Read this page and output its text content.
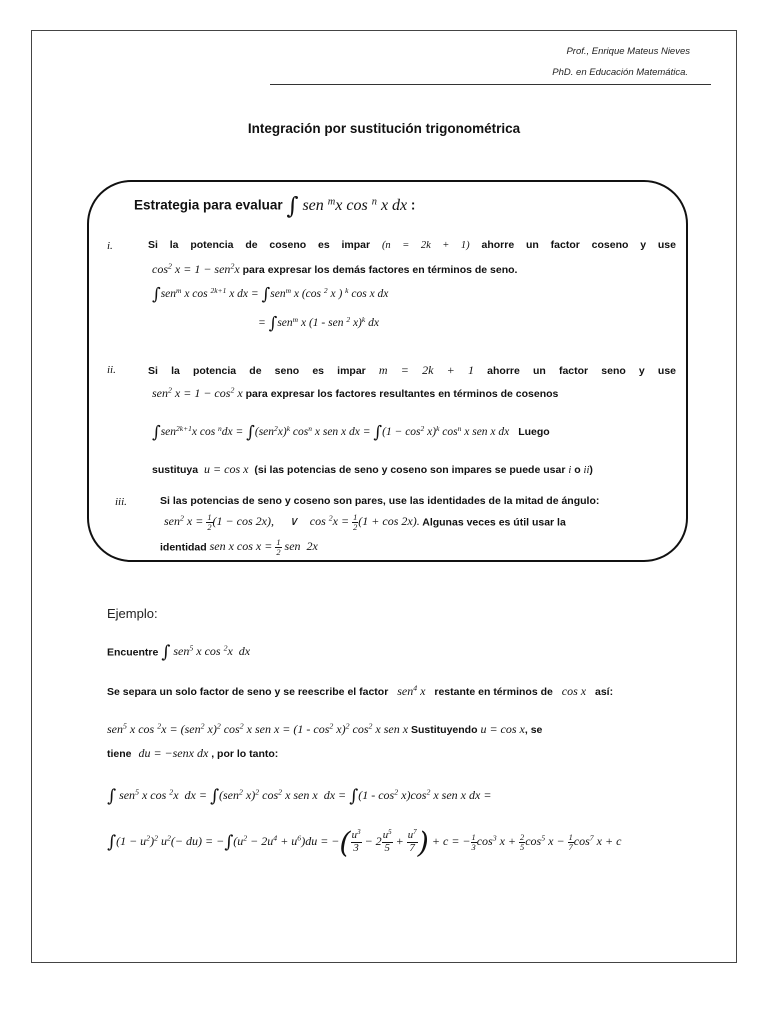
Prof., Enrique Mateus Nieves
PhD. en Educación Matemática.
Integración por sustitución trigonométrica
Estrategia para evaluar ∫ sen $^m$x cos $^n$ x dx :
i.	Si la potencia de coseno es impar (n = 2k + 1) ahorre un factor coseno y use
$\cos^2 x = 1 - sen^2x$ para expresar los demás factores en términos de seno.
∫sen$^m$ x cos $^{2k+1}$ x dx = ∫sen$^m$ x (cos $^2$ x ) $^k$ cos x dx
= ∫sen$^m$ x (1 - sen $^2$ x)$^k$ dx
ii.	Si la potencia de seno es impar m = 2k + 1 ahorre un factor seno y use
sen$^2$ $x = 1 - \cos^2 x$ para expresar los factores resultantes en términos de cosenos
∫sen$^{2k+1}$x $\cos ^ndx = \int(sen^2x)^k$ $\cos^n x$ sen x dx = $\int(1 - \cos^2 x)^k$ $\cos^n x$ sen x dx Luego
sustituya u = cos x (si las potencias de seno y coseno son impares se puede usar i o ii)
iii.	Si las potencias de seno y coseno son pares, use las identidades de la mitad de ángulo:
sen$^2$ $x = \frac{1}{2} (1 - \cos 2x)$,     ∨    $\cos ^2x = \frac{1}{2} (1 + \cos 2x)$. Algunas veces es útil usar la
identidad sen x $\cos x = \frac{1}{2}$ sen  2x
Ejemplo:
Encuentre ∫ sen$^5$ x cos $^2$x  dx
Se separa un solo factor de seno y se reescribe el factor sen$^4$ x restante en términos de cos x así:
sen$^5$ x cos $^2$x = (sen$^2$ x)$^2$ $\cos^2 x$ sen $x = (1 - \cos^2 x)^2$ $\cos^2 x$ sen x Sustituyendo u = cos x, se
tiene du = −senx dx , por lo tanto:
∫ sen$^5$ x cos $^2$x  dx = ∫(sen$^2$ x)$^2$ $\cos^2 x$ sen x  dx = $\int(1 - \cos^2 x)\cos^2$ x sen x dx =
$\int(1 - u^2)^2$ $u^2(- du) = -\int(u^2 - 2u^4 + u^6)du$ = −( $\frac{u^3}{3} - 2 \frac{u^5}{5} + \frac{u^7}{7}$ ) + c = − $\frac{1}{3} \cos^3 x + \frac{2}{5} \cos^5 x - \frac{1}{7} \cos^7 x + c$
